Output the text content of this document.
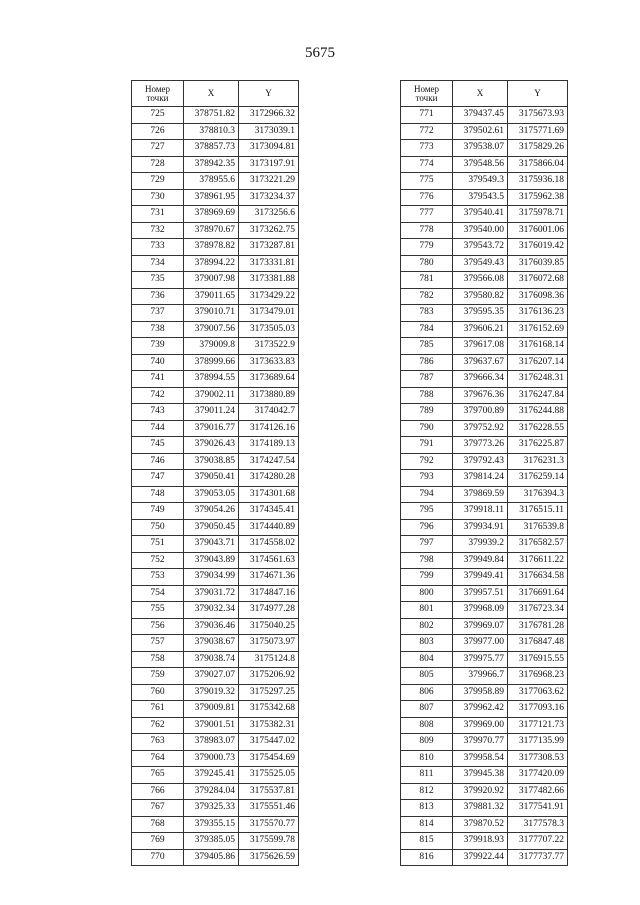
5675
Номер точки	X	Y
725	378751.82	3172966.32
726	378810.3	3173039.1
727	378857.73	3173094.81
728	378942.35	3173197.91
729	378955.6	3173221.29
730	378961.95	3173234.37
731	378969.69	3173256.6
732	378970.67	3173262.75
733	378978.82	3173287.81
734	378994.22	3173331.81
735	379007.98	3173381.88
736	379011.65	3173429.22
737	379010.71	3173479.01
738	379007.56	3173505.03
739	379009.8	3173522.9
740	378999.66	3173633.83
741	378994.55	3173689.64
742	379002.11	3173880.89
743	379011.24	3174042.7
744	379016.77	3174126.16
745	379026.43	3174189.13
746	379038.85	3174247.54
747	379050.41	3174280.28
748	379053.05	3174301.68
749	379054.26	3174345.41
750	379050.45	3174440.89
751	379043.71	3174558.02
752	379043.89	3174561.63
753	379034.99	3174671.36
754	379031.72	3174847.16
755	379032.34	3174977.28
756	379036.46	3175040.25
757	379038.67	3175073.97
758	379038.74	3175124.8
759	379027.07	3175206.92
760	379019.32	3175297.25
761	379009.81	3175342.68
762	379001.51	3175382.31
763	378983.07	3175447.02
764	379000.73	3175454.69
765	379245.41	3175525.05
766	379284.04	3175537.81
767	379325.33	3175551.46
768	379355.15	3175570.77
769	379385.05	3175599.78
770	379405.86	3175626.59
Номер точки	X	Y
771	379437.45	3175673.93
772	379502.61	3175771.69
773	379538.07	3175829.26
774	379548.56	3175866.04
775	379549.3	3175936.18
776	379543.5	3175962.38
777	379540.41	3175978.71
778	379540.00	3176001.06
779	379543.72	3176019.42
780	379549.43	3176039.85
781	379566.08	3176072.68
782	379580.82	3176098.36
783	379595.35	3176136.23
784	379606.21	3176152.69
785	379617.08	3176168.14
786	379637.67	3176207.14
787	379666.34	3176248.31
788	379676.36	3176247.84
789	379700.89	3176244.88
790	379752.92	3176228.55
791	379773.26	3176225.87
792	379792.43	3176231.3
793	379814.24	3176259.14
794	379869.59	3176394.3
795	379918.11	3176515.11
796	379934.91	3176539.8
797	379939.2	3176582.57
798	379949.84	3176611.22
799	379949.41	3176634.58
800	379957.51	3176691.64
801	379968.09	3176723.34
802	379969.07	3176781.28
803	379977.00	3176847.48
804	379975.77	3176915.55
805	379966.7	3176968.23
806	379958.89	3177063.62
807	379962.42	3177093.16
808	379969.00	3177121.73
809	379970.77	3177135.99
810	379958.54	3177308.53
811	379945.38	3177420.09
812	379920.92	3177482.66
813	379881.32	3177541.91
814	379870.52	3177578.3
815	379918.93	3177707.22
816	379922.44	3177737.77
